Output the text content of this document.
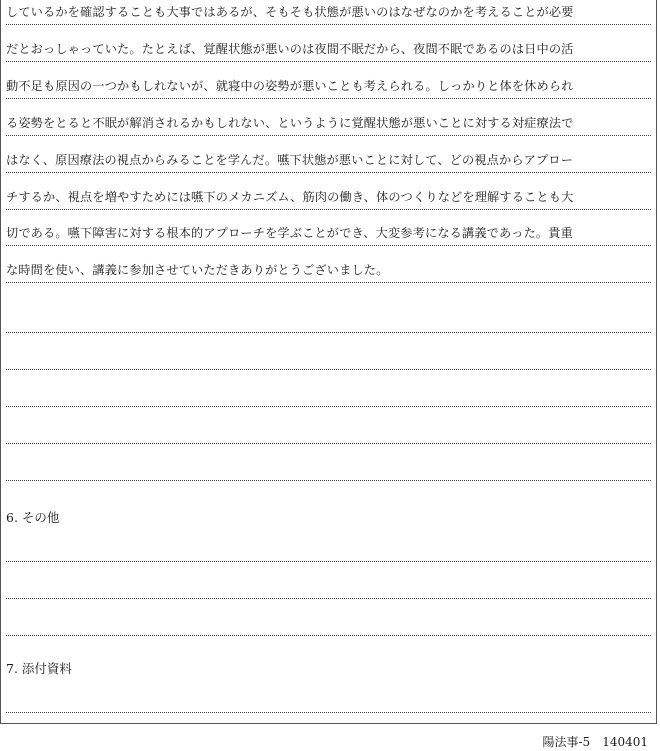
しているかを確認することも大事ではあるが、そもそも状態が悪いのはなぜなのかを考えることが必要
だとおっしゃっていた。たとえば、覚醒状態が悪いのは夜間不眠だから、夜間不眠であるのは日中の活
動不足も原因の一つかもしれないが、就寝中の姿勢が悪いことも考えられる。しっかりと体を休められ
る姿勢をとると不眠が解消されるかもしれない、というように覚醒状態が悪いことに対する対症療法で
はなく、原因療法の視点からみることを学んだ。嚥下状態が悪いことに対して、どの視点からアプロー
チするか、視点を増やすためには嚥下のメカニズム、筋肉の働き、体のつくりなどを理解することも大
切である。嚥下障害に対する根本的アプローチを学ぶことができ、大変参考になる講義であった。貴重
な時間を使い、講義に参加させていただきありがとうございました。
6. その他
7. 添付資料
陽法事-5 140401
